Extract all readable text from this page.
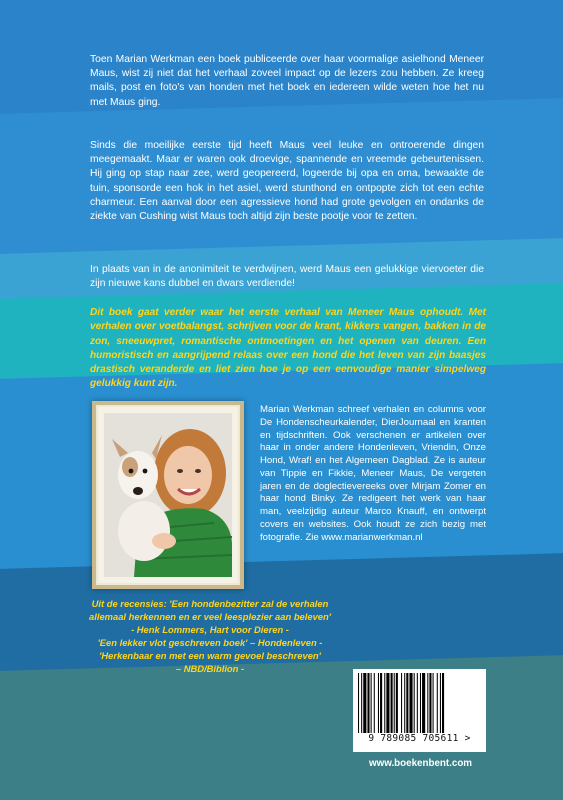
Toen Marian Werkman een boek publiceerde over haar voormalige asielhond Meneer Maus, wist zij niet dat het verhaal zoveel impact op de lezers zou hebben. Ze kreeg mails, post en foto's van honden met het boek en iedereen wilde weten hoe het nu met Maus ging.
Sinds die moeilijke eerste tijd heeft Maus veel leuke en ontroerende dingen meegemaakt. Maar er waren ook droevige, spannende en vreemde gebeurtenissen. Hij ging op stap naar zee, werd geopereerd, logeerde bij opa en oma, bewaakte de tuin, sponsorde een hok in het asiel, werd stunthond en ontpopte zich tot een echte charmeur. Een aanval door een agressieve hond had grote gevolgen en ondanks de ziekte van Cushing wist Maus toch altijd zijn beste pootje voor te zetten.
In plaats van in de anonimiteit te verdwijnen, werd Maus een gelukkige viervoeter die zijn nieuwe kans dubbel en dwars verdiende!
Dit boek gaat verder waar het eerste verhaal van Meneer Maus ophoudt. Met verhalen over voetbalangst, schrijven voor de krant, kikkers vangen, bakken in de zon, sneeuwpret, romantische ontmoetingen en het openen van deuren. Een humoristisch en aangrijpend relaas over een hond die het leven van zijn baasjes drastisch veranderde en liet zien hoe je op een eenvoudige manier simpelweg gelukkig kunt zijn.
Marian Werkman schreef verhalen en columns voor De Hondenscheurkalender, DierJournaal en kranten en tijdschriften. Ook verschenen er artikelen over haar in onder andere Hondenleven, Vriendin, Onze Hond, Wraf! en het Algemeen Dagblad. Ze is auteur van Tippie en Fikkie, Meneer Maus, De vergeten jaren en de doglectievereeks over Mirjam Zomer en haar hond Binky. Ze redigeert het werk van haar man, veelzijdig auteur Marco Knauff, en ontwerpt covers en websites. Ook houdt ze zich bezig met fotografie. Zie www.marianwerkman.nl
Uit de recensies: 'Een hondenbezitter zal de verhalen allemaal herkennen en er veel leesplezier aan beleven'
- Henk Lommers, Hart voor Dieren -
'Een lekker vlot geschreven boek' – Hondenleven -
'Herkenbaar en met een warm gevoel beschreven'
– NBD/Biblion -
9 789085 705611 >
www.boekenbent.com
